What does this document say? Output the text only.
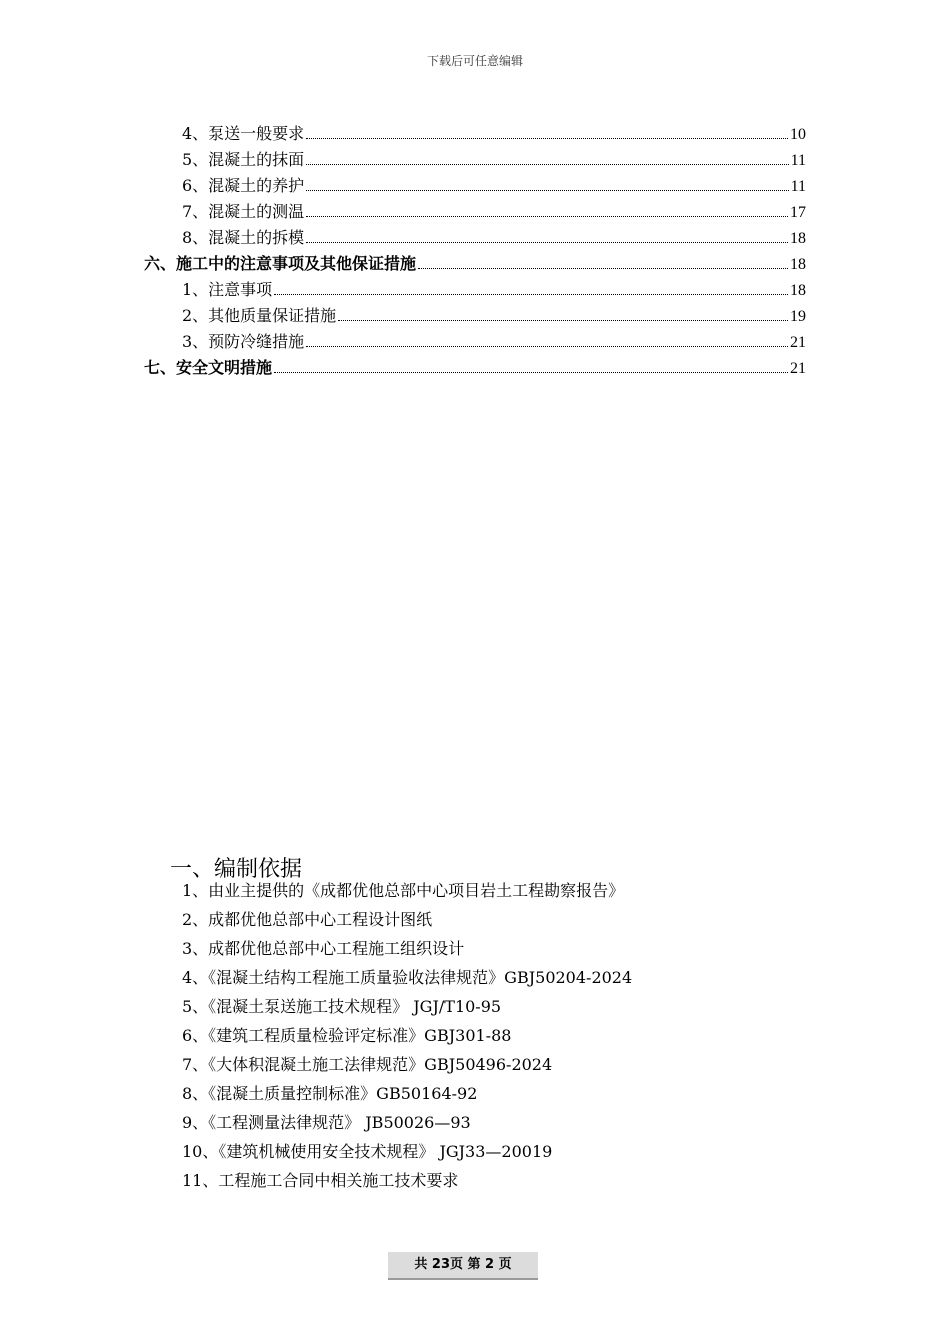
下载后可任意编辑
4、泵送一般要求	10
5、混凝土的抹面	11
6、混凝土的养护	11
7、混凝土的测温	17
8、混凝土的拆模	18
六、施工中的注意事项及其他保证措施	18
1、注意事项	18
2、其他质量保证措施	19
3、预防冷缝措施	21
七、安全文明措施	21
一、编制依据
1、由业主提供的《成都优他总部中心项目岩土工程勘察报告》
2、成都优他总部中心工程设计图纸
3、成都优他总部中心工程施工组织设计
4、《混凝土结构工程施工质量验收法律规范》GBJ50204-2024
5、《混凝土泵送施工技术规程》 JGJ/T10-95
6、《建筑工程质量检验评定标准》GBJ301-88
7、《大体积混凝土施工法律规范》GBJ50496-2024
8、《混凝土质量控制标准》GB50164-92
9、《工程测量法律规范》 JB50026—93
10、《建筑机械使用安全技术规程》 JGJ33—20019
11、工程施工合同中相关施工技术要求
共 23页 第 2 页
